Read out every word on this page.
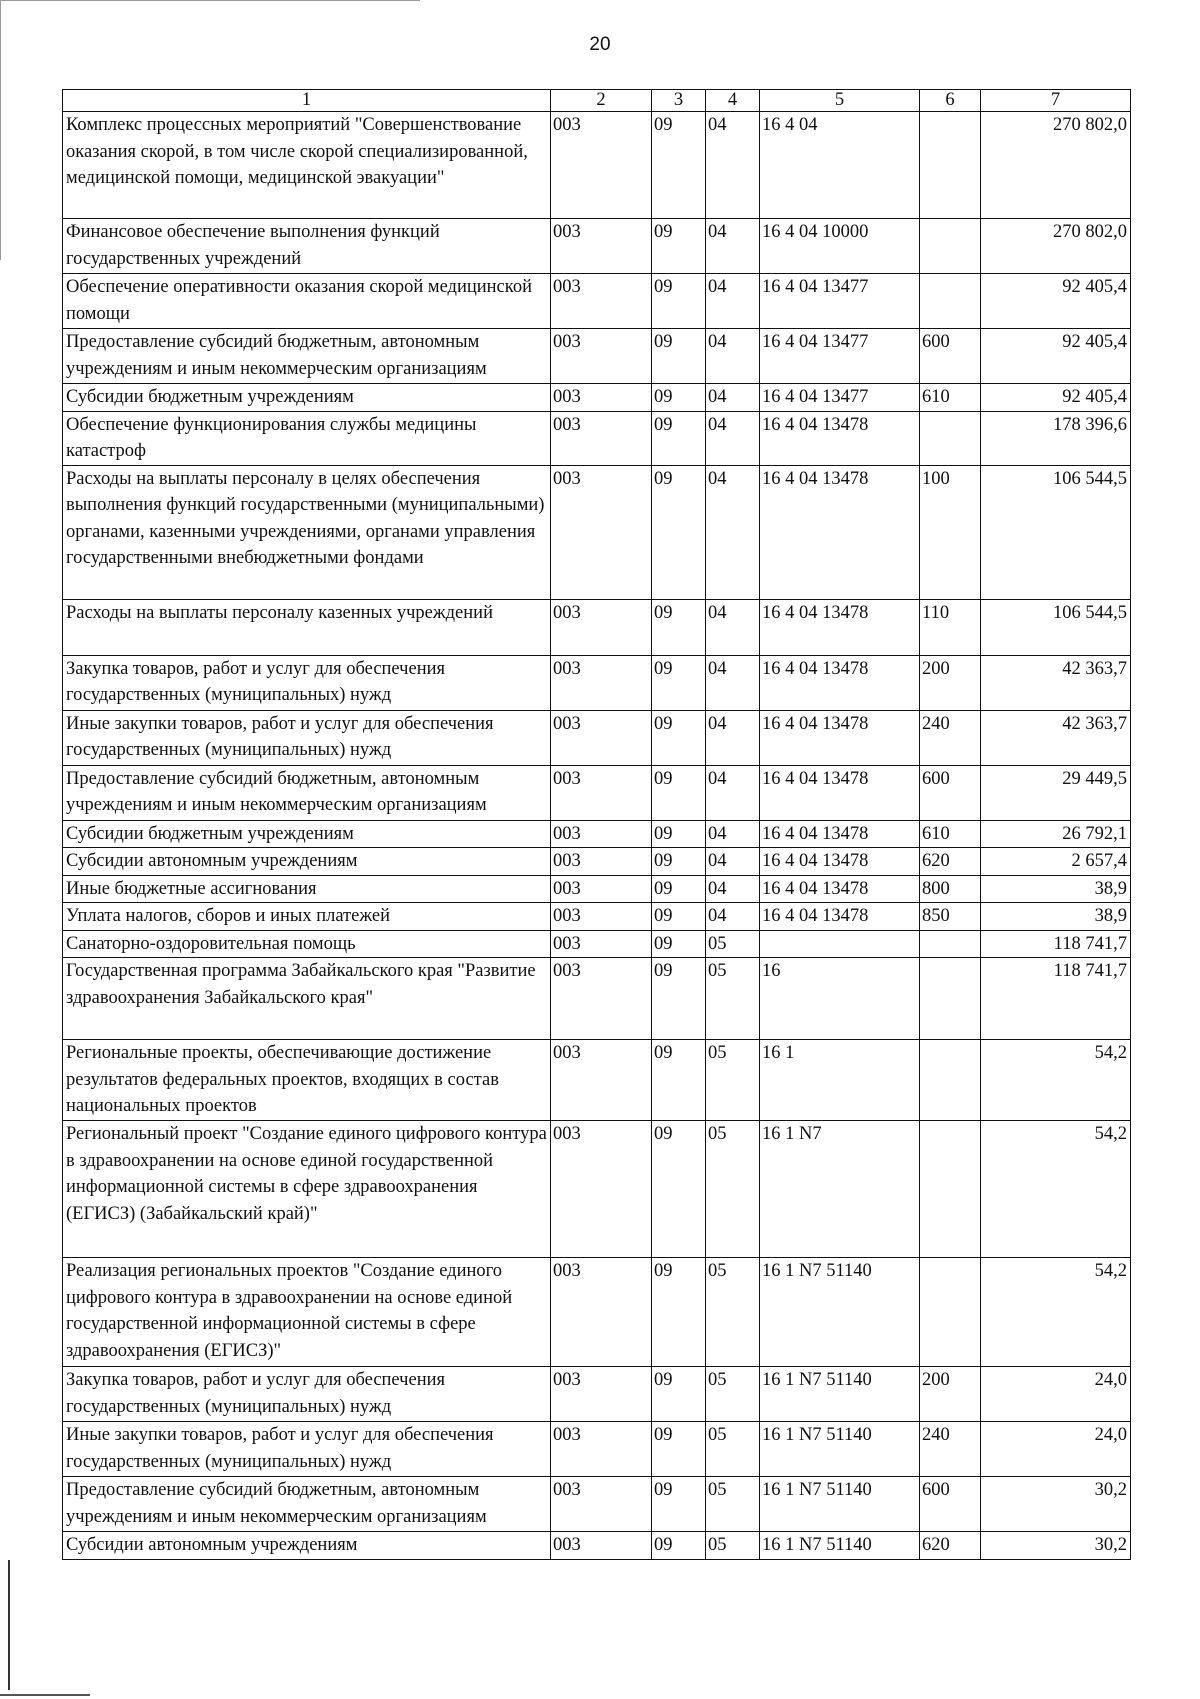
20
1	2	3	4	5	6	7
Комплекс процессных мероприятий "Совершенствование оказания скорой, в том числе скорой специализированной, медицинской помощи, медицинской эвакуации"	003	09	04	16 4 04		270 802,0
Финансовое обеспечение выполнения функций государственных учреждений	003	09	04	16 4 04 10000		270 802,0
Обеспечение оперативности оказания скорой медицинской помощи	003	09	04	16 4 04 13477		92 405,4
Предоставление субсидий бюджетным, автономным учреждениям и иным некоммерческим организациям	003	09	04	16 4 04 13477	600	92 405,4
Субсидии бюджетным учреждениям	003	09	04	16 4 04 13477	610	92 405,4
Обеспечение функционирования службы медицины катастроф	003	09	04	16 4 04 13478		178 396,6
Расходы на выплаты персоналу в целях обеспечения выполнения функций государственными (муниципальными) органами, казенными учреждениями, органами управления государственными внебюджетными фондами	003	09	04	16 4 04 13478	100	106 544,5
Расходы на выплаты персоналу казенных учреждений	003	09	04	16 4 04 13478	110	106 544,5
Закупка товаров, работ и услуг для обеспечения государственных (муниципальных) нужд	003	09	04	16 4 04 13478	200	42 363,7
Иные закупки товаров, работ и услуг для обеспечения государственных (муниципальных) нужд	003	09	04	16 4 04 13478	240	42 363,7
Предоставление субсидий бюджетным, автономным учреждениям и иным некоммерческим организациям	003	09	04	16 4 04 13478	600	29 449,5
Субсидии бюджетным учреждениям	003	09	04	16 4 04 13478	610	26 792,1
Субсидии автономным учреждениям	003	09	04	16 4 04 13478	620	2 657,4
Иные бюджетные ассигнования	003	09	04	16 4 04 13478	800	38,9
Уплата налогов, сборов и иных платежей	003	09	04	16 4 04 13478	850	38,9
Санаторно-оздоровительная помощь	003	09	05			118 741,7
Государственная программа Забайкальского края "Развитие здравоохранения Забайкальского края"	003	09	05	16		118 741,7
Региональные проекты, обеспечивающие достижение результатов федеральных проектов, входящих в состав национальных проектов	003	09	05	16 1		54,2
Региональный проект "Создание единого цифрового контура в здравоохранении на основе единой государственной информационной системы в сфере здравоохранения (ЕГИСЗ) (Забайкальский край)"	003	09	05	16 1 N7		54,2
Реализация региональных проектов "Создание единого цифрового контура в здравоохранении на основе единой государственной информационной системы в сфере здравоохранения (ЕГИСЗ)"	003	09	05	16 1 N7 51140		54,2
Закупка товаров, работ и услуг для обеспечения государственных (муниципальных) нужд	003	09	05	16 1 N7 51140	200	24,0
Иные закупки товаров, работ и услуг для обеспечения государственных (муниципальных) нужд	003	09	05	16 1 N7 51140	240	24,0
Предоставление субсидий бюджетным, автономным учреждениям и иным некоммерческим организациям	003	09	05	16 1 N7 51140	600	30,2
Субсидии автономным учреждениям	003	09	05	16 1 N7 51140	620	30,2
